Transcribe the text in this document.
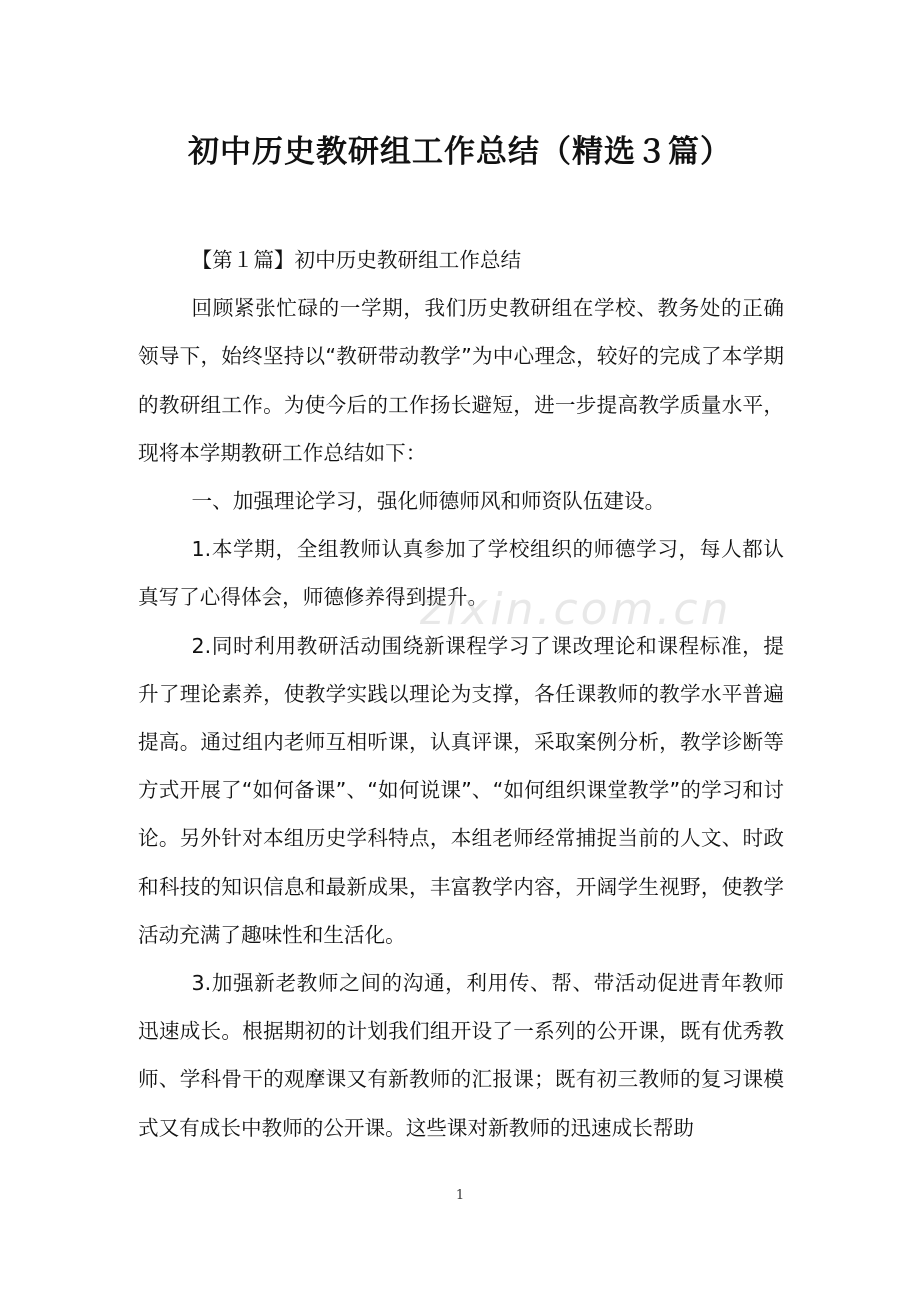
初中历史教研组工作总结（精选３篇）

【第１篇】初中历史教研组工作总结

回顾紧张忙碌的一学期，我们历史教研组在学校、教务处的正确领导下，始终坚持以“教研带动教学”为中心理念，较好的完成了本学期的教研组工作。为使今后的工作扬长避短，进一步提高教学质量水平，现将本学期教研工作总结如下：

一、加强理论学习，强化师德师风和师资队伍建设。

1.本学期，全组教师认真参加了学校组织的师德学习，每人都认真写了心得体会，师德修养得到提升。

2.同时利用教研活动围绕新课程学习了课改理论和课程标准，提升了理论素养，使教学实践以理论为支撑，各任课教师的教学水平普遍提高。通过组内老师互相听课，认真评课，采取案例分析，教学诊断等方式开展了“如何备课”、“如何说课”、“如何组织课堂教学”的学习和讨论。另外针对本组历史学科特点，本组老师经常捕捉当前的人文、时政和科技的知识信息和最新成果，丰富教学内容，开阔学生视野，使教学活动充满了趣味性和生活化。

3.加强新老教师之间的沟通，利用传、帮、带活动促进青年教师迅速成长。根据期初的计划我们组开设了一系列的公开课，既有优秀教师、学科骨干的观摩课又有新教师的汇报课；既有初三教师的复习课模式又有成长中教师的公开课。这些课对新教师的迅速成长帮助

zixin.com.cn
1
